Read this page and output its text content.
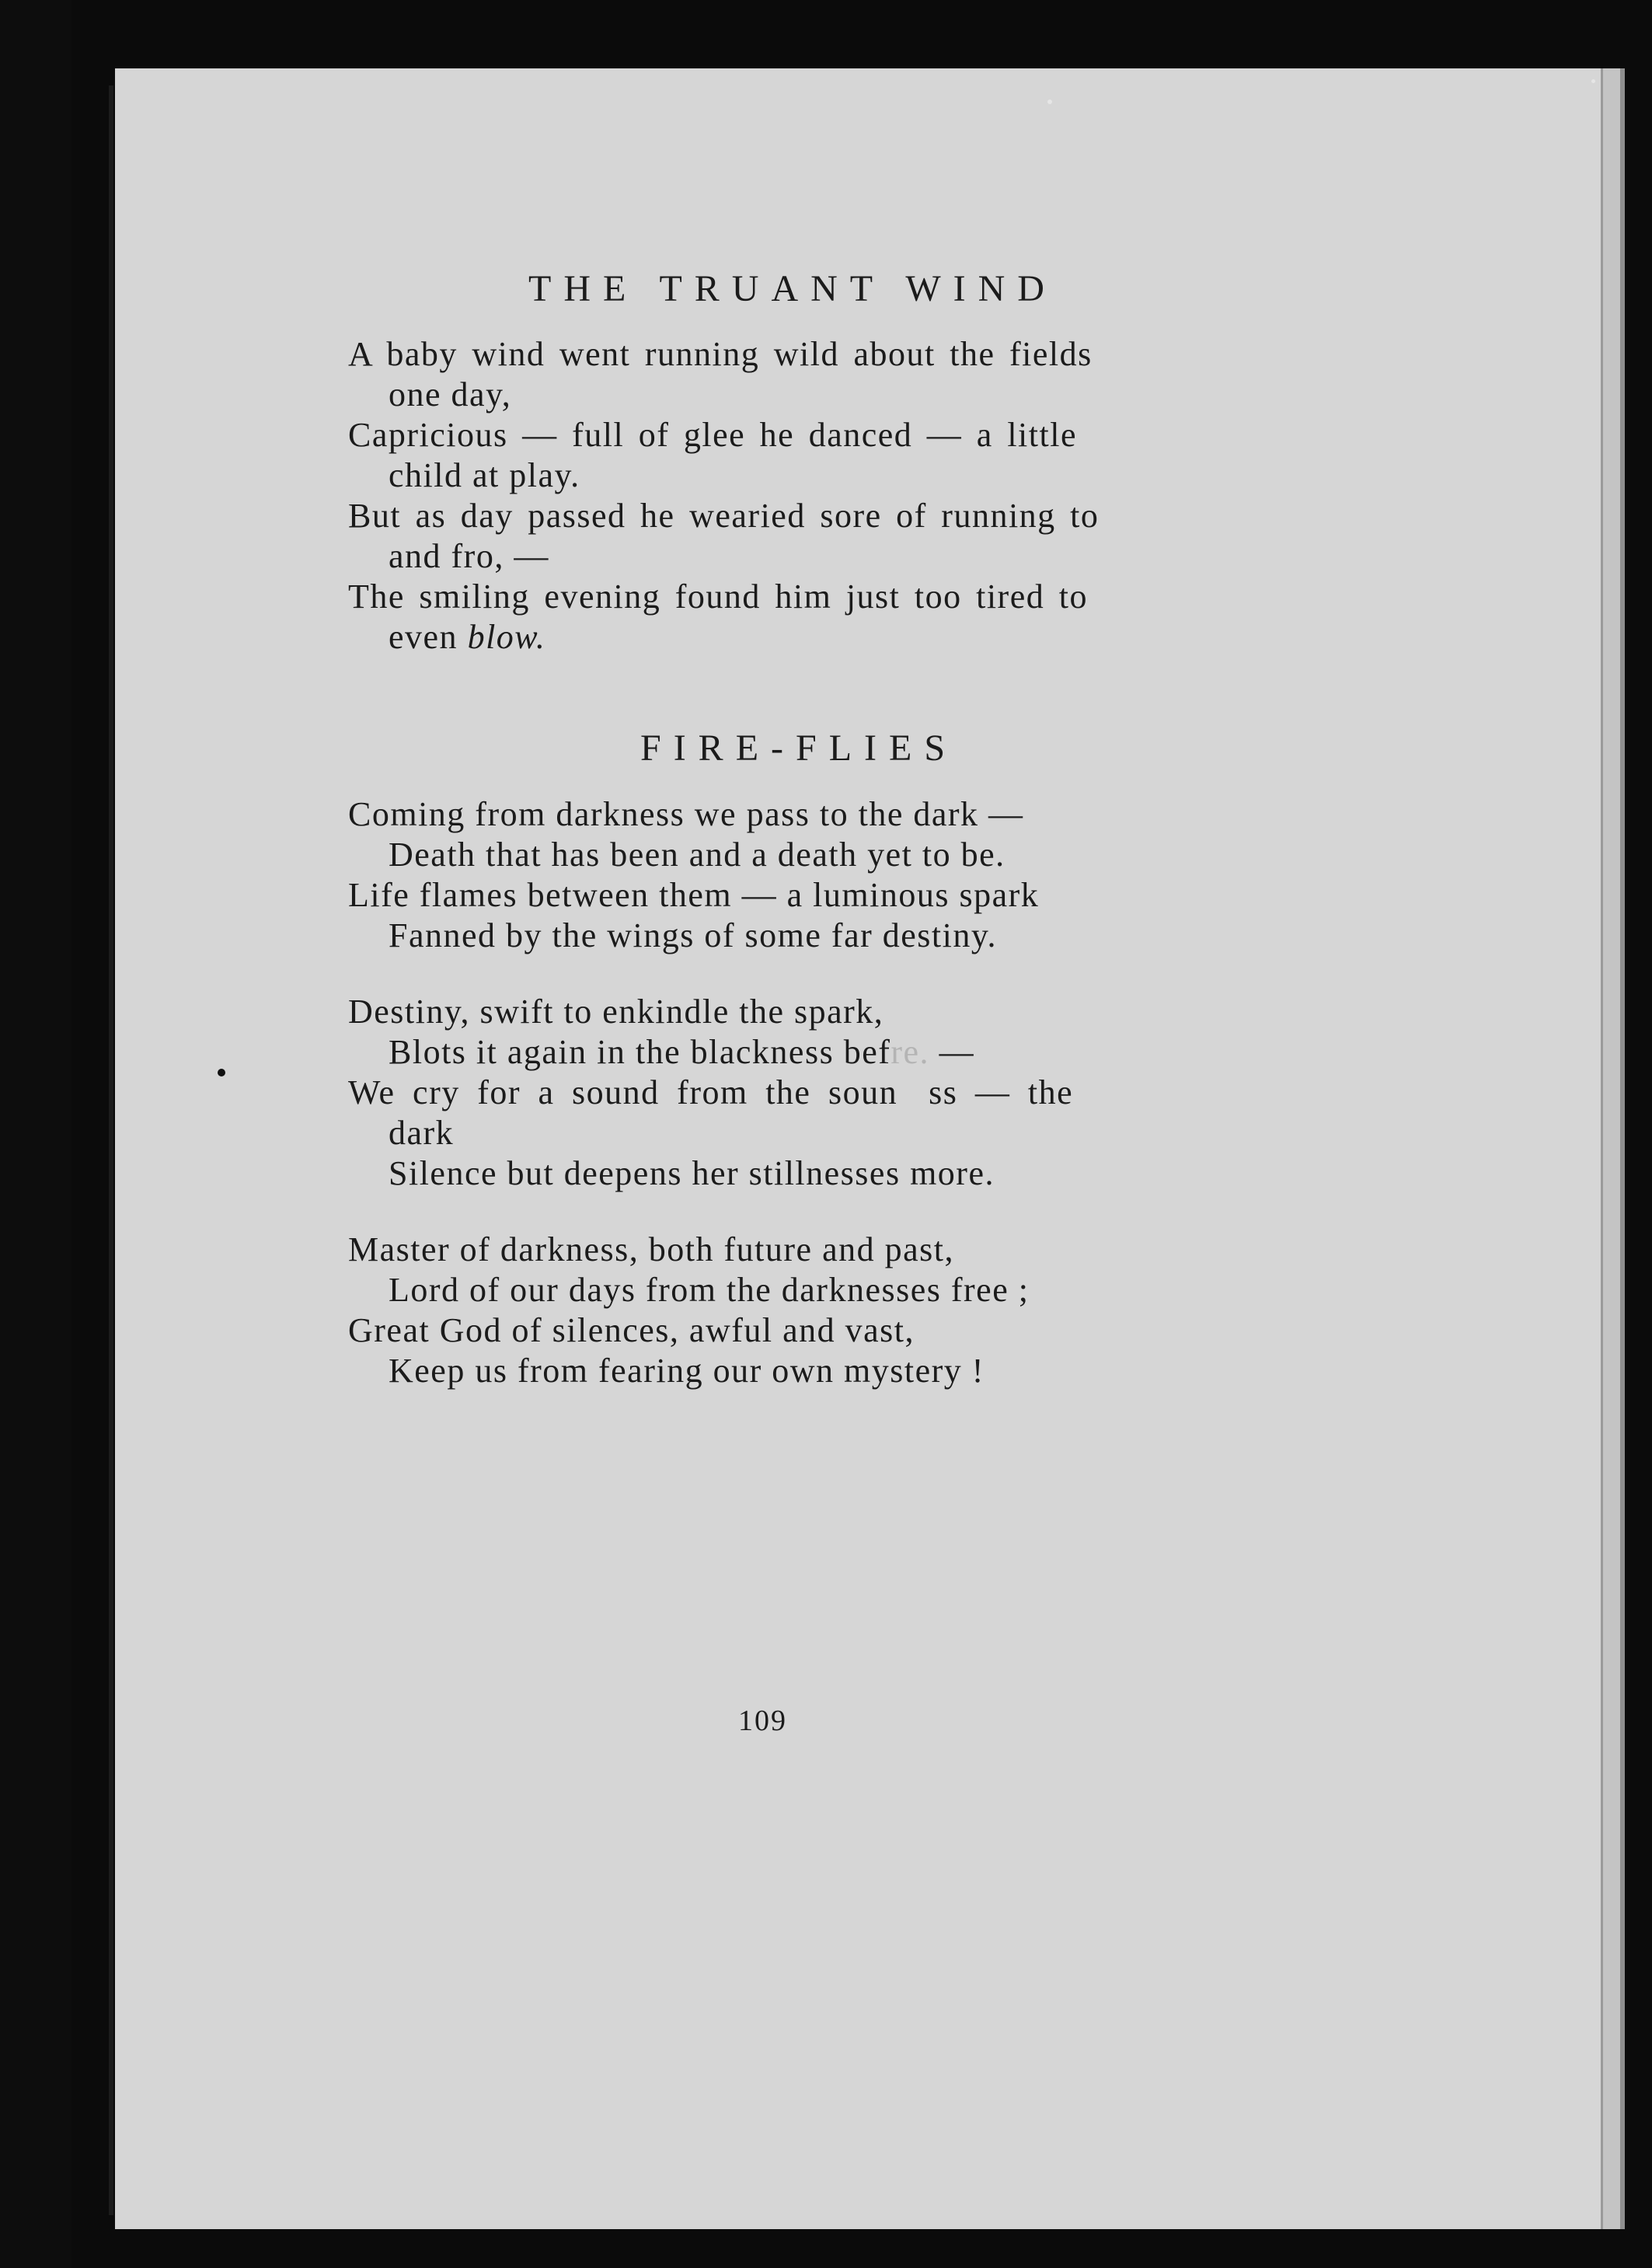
THE TRUANT WIND
A baby wind went running wild about the fields
one day,
Capricious — full of glee he danced — a little
child at play.
But as day passed he wearied sore of running to
and fro, —
The smiling evening found him just too tired to
even blow.
FIRE-FLIES
Coming from darkness we pass to the dark —
Death that has been and a death yet to be.
Life flames between them — a luminous spark
Fanned by the wings of some far destiny.
Destiny, swift to enkindle the spark,
Blots it again in the blackness befre. —
We cry for a sound from the soun ss — the
dark
Silence but deepens her stillnesses more.
Master of darkness, both future and past,
Lord of our days from the darknesses free ;
Great God of silences, awful and vast,
Keep us from fearing our own mystery !
109
